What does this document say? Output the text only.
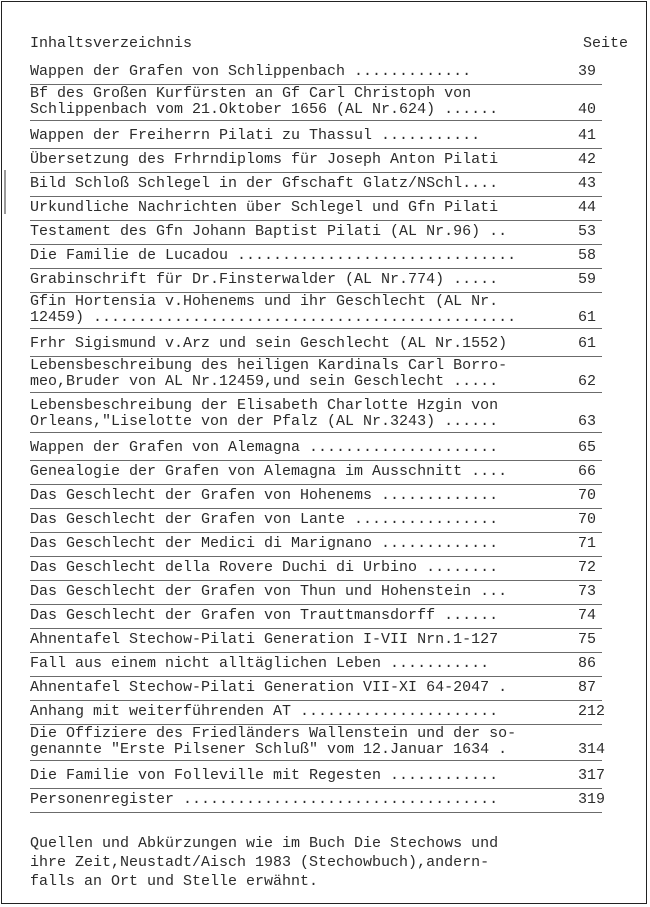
Inhaltsverzeichnis	Seite
Wappen der Grafen von Schlippenbach .............	39
Bf des Großen Kurfürsten an Gf Carl Christoph von
Schlippenbach vom 21.Oktober 1656 (AL Nr.624) ......	40
Wappen der Freiherrn Pilati zu Thassul ...........	41
Übersetzung des Frhrndiploms für Joseph Anton Pilati	42
Bild Schloß Schlegel in der Gfschaft Glatz/NSchl....	43
Urkundliche Nachrichten über Schlegel und Gfn Pilati	44
Testament des Gfn Johann Baptist Pilati (AL Nr.96) ..	53
Die Familie de Lucadou ...............................	58
Grabinschrift für Dr.Finsterwalder (AL Nr.774) .....	59
Gfin Hortensia v.Hohenems und ihr Geschlecht (AL Nr.
12459) ...............................................	61
Frhr Sigismund v.Arz und sein Geschlecht (AL Nr.1552)	61
Lebensbeschreibung des heiligen Kardinals Carl Borro-
meo,Bruder von AL Nr.12459,und sein Geschlecht .....	62
Lebensbeschreibung der Elisabeth Charlotte Hzgin von
Orleans,"Liselotte von der Pfalz (AL Nr.3243) ......	63
Wappen der Grafen von Alemagna .....................	65
Genealogie der Grafen von Alemagna im Ausschnitt ....	66
Das Geschlecht der Grafen von Hohenems .............	70
Das Geschlecht der Grafen von Lante ................	70
Das Geschlecht der Medici di Marignano .............	71
Das Geschlecht della Rovere Duchi di Urbino ........	72
Das Geschlecht der Grafen von Thun und Hohenstein ...	73
Das Geschlecht der Grafen von Trauttmansdorff ......	74
Ahnentafel Stechow-Pilati Generation I-VII Nrn.1-127	75
Fall aus einem nicht alltäglichen Leben ...........	86
Ahnentafel Stechow-Pilati Generation VII-XI 64-2047 .	87
Anhang mit weiterführenden AT ......................	212
Die Offiziere des Friedländers Wallenstein und der so-
genannte "Erste Pilsener Schluß" vom 12.Januar 1634 .	314
Die Familie von Folleville mit Regesten ............	317
Personenregister ...................................	319
Quellen und Abkürzungen wie im Buch Die Stechows und
ihre Zeit,Neustadt/Aisch 1983 (Stechowbuch),andern-
falls an Ort und Stelle erwähnt.
